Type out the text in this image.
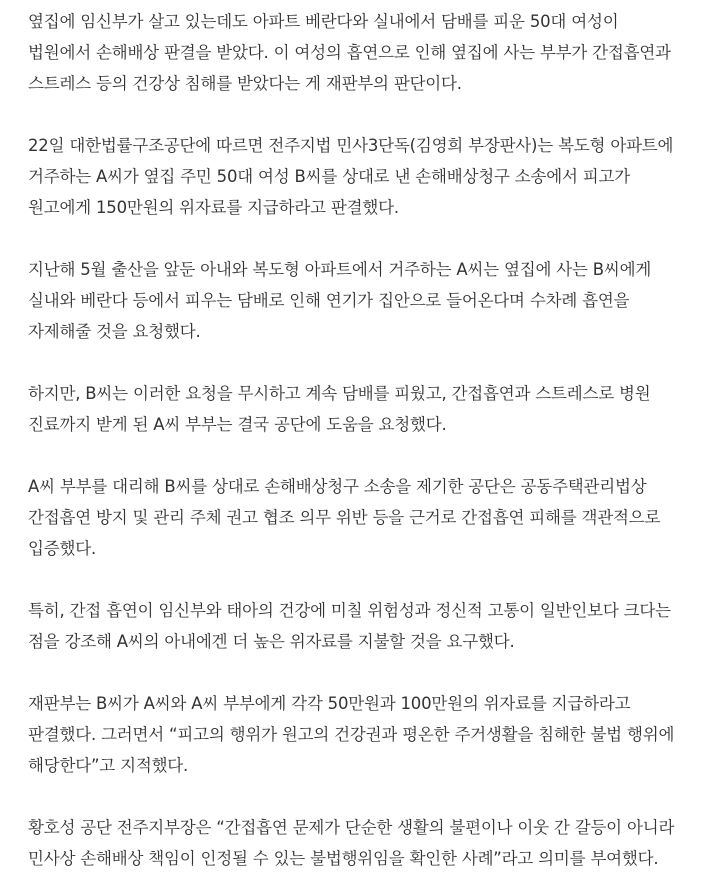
옆집에 임신부가 살고 있는데도 아파트 베란다와 실내에서 담배를 피운 50대 여성이 법원에서 손해배상 판결을 받았다. 이 여성의 흡연으로 인해 옆집에 사는 부부가 간접흡연과 스트레스 등의 건강상 침해를 받았다는 게 재판부의 판단이다.

22일 대한법률구조공단에 따르면 전주지법 민사3단독(김영희 부장판사)는 복도형 아파트에 거주하는 A씨가 옆집 주민 50대 여성 B씨를 상대로 낸 손해배상청구 소송에서 피고가 원고에게 150만원의 위자료를 지급하라고 판결했다.

지난해 5월 출산을 앞둔 아내와 복도형 아파트에서 거주하는 A씨는 옆집에 사는 B씨에게 실내와 베란다 등에서 피우는 담배로 인해 연기가 집안으로 들어온다며 수차례 흡연을 자제해줄 것을 요청했다.

하지만, B씨는 이러한 요청을 무시하고 계속 담배를 피웠고, 간접흡연과 스트레스로 병원 진료까지 받게 된 A씨 부부는 결국 공단에 도움을 요청했다.

A씨 부부를 대리해 B씨를 상대로 손해배상청구 소송을 제기한 공단은 공동주택관리법상 간접흡연 방지 및 관리 주체 권고 협조 의무 위반 등을 근거로 간접흡연 피해를 객관적으로 입증했다.

특히, 간접 흡연이 임신부와 태아의 건강에 미칠 위험성과 정신적 고통이 일반인보다 크다는 점을 강조해 A씨의 아내에겐 더 높은 위자료를 지불할 것을 요구했다.

재판부는 B씨가 A씨와 A씨 부부에게 각각 50만원과 100만원의 위자료를 지급하라고 판결했다. 그러면서 “피고의 행위가 원고의 건강권과 평온한 주거생활을 침해한 불법 행위에 해당한다”고 지적했다.

황호성 공단 전주지부장은 “간접흡연 문제가 단순한 생활의 불편이나 이웃 간 갈등이 아니라 민사상 손해배상 책임이 인정될 수 있는 불법행위임을 확인한 사례”라고 의미를 부여했다.
